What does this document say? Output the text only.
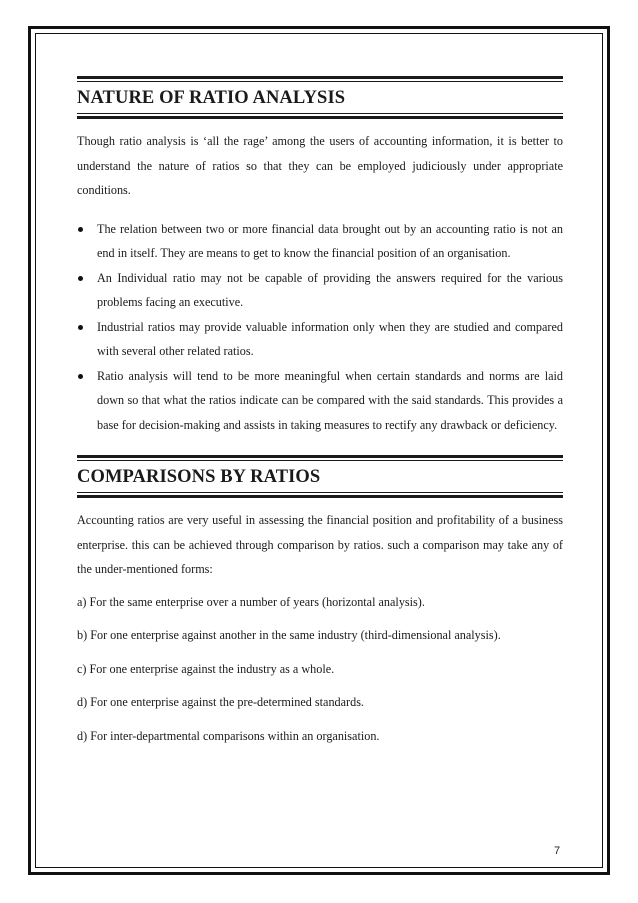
NATURE OF RATIO ANALYSIS

Though ratio analysis is ‘all the rage’ among the users of accounting information, it is better to understand the nature of ratios so that they can be employed judiciously under appropriate conditions.

The relation between two or more financial data brought out by an accounting ratio is not an end in itself. They are means to get to know the financial position of an organisation.
An Individual ratio may not be capable of providing the answers required for the various problems facing an executive.
Industrial ratios may provide valuable information only when they are studied and compared with several other related ratios.
Ratio analysis will tend to be more meaningful when certain standards and norms are laid down so that what the ratios indicate can be compared with the said standards. This provides a base for decision-making and assists in taking measures to rectify any drawback or deficiency.
COMPARISONS BY RATIOS

Accounting ratios are very useful in assessing the financial position and profitability of a business enterprise. this can be achieved through comparison by ratios. such a comparison may take any of the under-mentioned forms:

a) For the same enterprise over a number of years (horizontal analysis).

b) For one enterprise against another in the same industry (third-dimensional analysis).

c) For one enterprise against the industry as a whole.

d) For one enterprise against the pre-determined standards.

d) For inter-departmental comparisons within an organisation.

7
